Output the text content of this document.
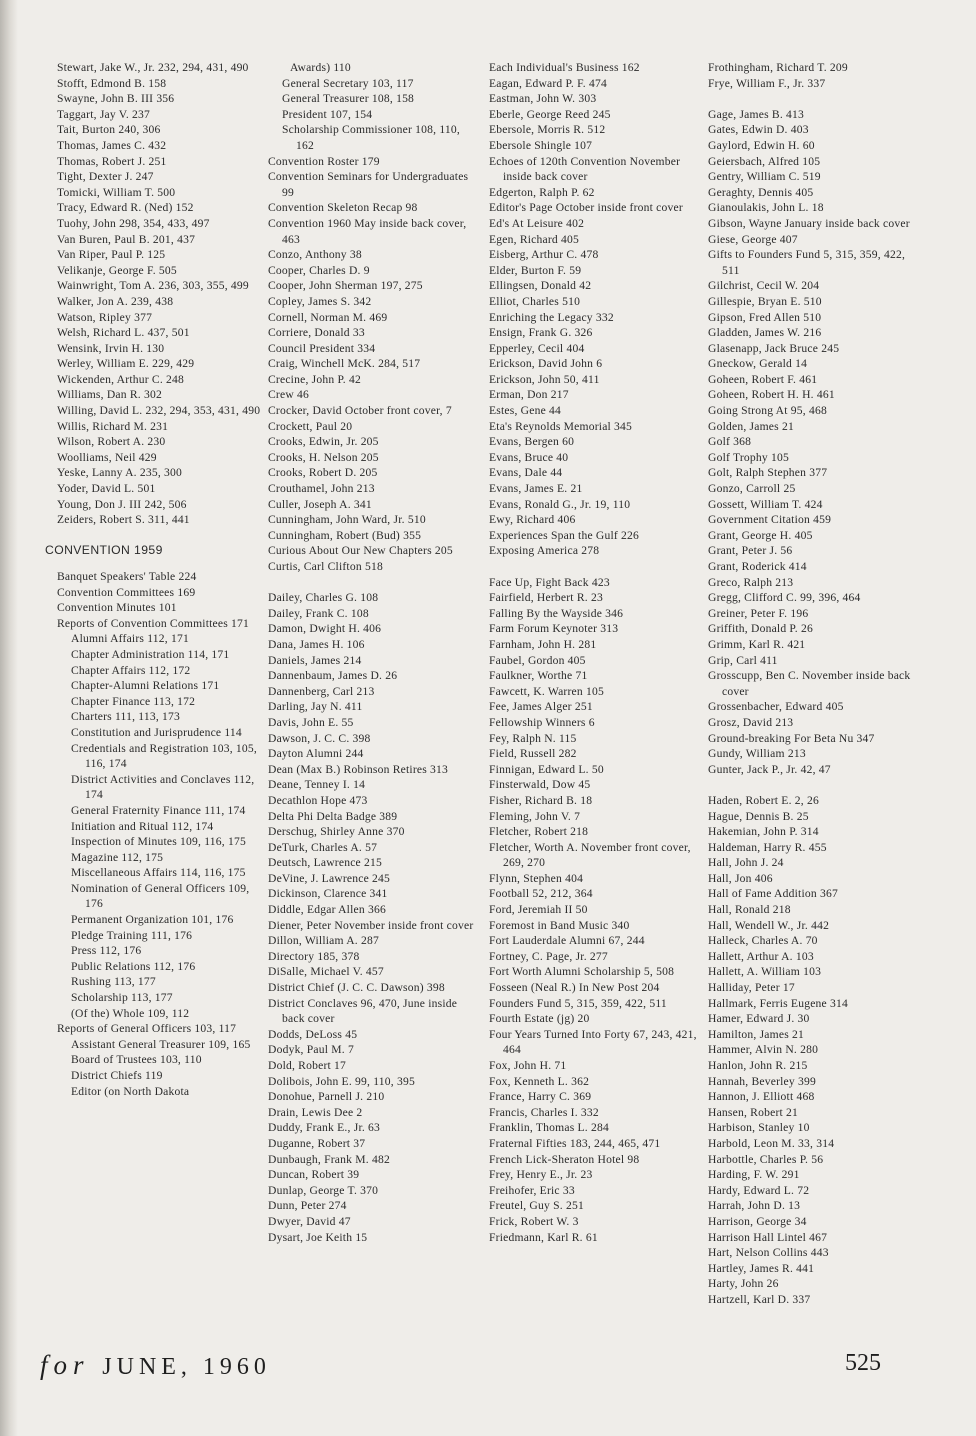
Stewart, Jake W., Jr. 232, 294, 431, 490
Stofft, Edmond B. 158
Swayne, John B. III 356
Taggart, Jay V. 237
Tait, Burton 240, 306
Thomas, James C. 432
Thomas, Robert J. 251
Tight, Dexter J. 247
Tomicki, William T. 500
Tracy, Edward R. (Ned) 152
Tuohy, John 298, 354, 433, 497
Van Buren, Paul B. 201, 437
Van Riper, Paul P. 125
Velikanje, George F. 505
Wainwright, Tom A. 236, 303, 355, 499
Walker, Jon A. 239, 438
Watson, Ripley 377
Welsh, Richard L. 437, 501
Wensink, Irvin H. 130
Werley, William E. 229, 429
Wickenden, Arthur C. 248
Williams, Dan R. 302
Willing, David L. 232, 294, 353, 431, 490
Willis, Richard M. 231
Wilson, Robert A. 230
Woolliams, Neil 429
Yeske, Lanny A. 235, 300
Yoder, David L. 501
Young, Don J. III 242, 506
Zeiders, Robert S. 311, 441
CONVENTION 1959
Banquet Speakers' Table 224
Convention Committees 169
Convention Minutes 101
Reports of Convention Committees 171
Alumni Affairs 112, 171
Chapter Administration 114, 171
Chapter Affairs 112, 172
Chapter-Alumni Relations 171
Chapter Finance 113, 172
Charters 111, 113, 173
Constitution and Jurisprudence 114
Credentials and Registration 103, 105, 116, 174
District Activities and Conclaves 112, 174
General Fraternity Finance 111, 174
Initiation and Ritual 112, 174
Inspection of Minutes 109, 116, 175
Magazine 112, 175
Miscellaneous Affairs 114, 116, 175
Nomination of General Officers 109, 176
Permanent Organization 101, 176
Pledge Training 111, 176
Press 112, 176
Public Relations 112, 176
Rushing 113, 177
Scholarship 113, 177
(Of the) Whole 109, 112
Reports of General Officers 103, 117
Assistant General Treasurer 109, 165
Board of Trustees 103, 110
District Chiefs 119
Editor (on North Dakota
Awards) 110
General Secretary 103, 117
General Treasurer 108, 158
President 107, 154
Scholarship Commissioner 108, 110, 162
Convention Roster 179
Convention Seminars for Undergraduates 99
Convention Skeleton Recap 98
Convention 1960 May inside back cover, 463
Conzo, Anthony 38
Cooper, Charles D. 9
Cooper, John Sherman 197, 275
Copley, James S. 342
Cornell, Norman M. 469
Corriere, Donald 33
Council President 334
Craig, Winchell McK. 284, 517
Crecine, John P. 42
Crew 46
Crocker, David October front cover, 7
Crockett, Paul 20
Crooks, Edwin, Jr. 205
Crooks, H. Nelson 205
Crooks, Robert D. 205
Crouthamel, John 213
Culler, Joseph A. 341
Cunningham, John Ward, Jr. 510
Cunningham, Robert (Bud) 355
Curious About Our New Chapters 205
Curtis, Carl Clifton 518
Dailey, Charles G. 108
Dailey, Frank C. 108
Damon, Dwight H. 406
Dana, James H. 106
Daniels, James 214
Dannenbaum, James D. 26
Dannenberg, Carl 213
Darling, Jay N. 411
Davis, John E. 55
Dawson, J. C. C. 398
Dayton Alumni 244
Dean (Max B.) Robinson Retires 313
Deane, Tenney I. 14
Decathlon Hope 473
Delta Phi Delta Badge 389
Derschug, Shirley Anne 370
DeTurk, Charles A. 57
Deutsch, Lawrence 215
DeVine, J. Lawrence 245
Dickinson, Clarence 341
Diddle, Edgar Allen 366
Diener, Peter November inside front cover
Dillon, William A. 287
Directory 185, 378
DiSalle, Michael V. 457
District Chief (J. C. C. Dawson) 398
District Conclaves 96, 470, June inside back cover
Dodds, DeLoss 45
Dodyk, Paul M. 7
Dold, Robert 17
Dolibois, John E. 99, 110, 395
Donohue, Parnell J. 210
Drain, Lewis Dee 2
Duddy, Frank E., Jr. 63
Duganne, Robert 37
Dunbaugh, Frank M. 482
Duncan, Robert 39
Dunlap, George T. 370
Dunn, Peter 274
Dwyer, David 47
Dysart, Joe Keith 15
Each Individual's Business 162
Eagan, Edward P. F. 474
Eastman, John W. 303
Eberle, George Reed 245
Ebersole, Morris R. 512
Ebersole Shingle 107
Echoes of 120th Convention November inside back cover
Edgerton, Ralph P. 62
Editor's Page October inside front cover
Ed's At Leisure 402
Egen, Richard 405
Eisberg, Arthur C. 478
Elder, Burton F. 59
Ellingsen, Donald 42
Elliot, Charles 510
Enriching the Legacy 332
Ensign, Frank G. 326
Epperley, Cecil 404
Erickson, David John 6
Erickson, John 50, 411
Erman, Don 217
Estes, Gene 44
Eta's Reynolds Memorial 345
Evans, Bergen 60
Evans, Bruce 40
Evans, Dale 44
Evans, James E. 21
Evans, Ronald G., Jr. 19, 110
Ewy, Richard 406
Experiences Span the Gulf 226
Exposing America 278
Face Up, Fight Back 423
Fairfield, Herbert R. 23
Falling By the Wayside 346
Farm Forum Keynoter 313
Farnham, John H. 281
Faubel, Gordon 405
Faulkner, Worthe 71
Fawcett, K. Warren 105
Fee, James Alger 251
Fellowship Winners 6
Fey, Ralph N. 115
Field, Russell 282
Finnigan, Edward L. 50
Finsterwald, Dow 45
Fisher, Richard B. 18
Fleming, John V. 7
Fletcher, Robert 218
Fletcher, Worth A. November front cover, 269, 270
Flynn, Stephen 404
Football 52, 212, 364
Ford, Jeremiah II 50
Foremost in Band Music 340
Fort Lauderdale Alumni 67, 244
Fortney, C. Page, Jr. 277
Fort Worth Alumni Scholarship 5, 508
Fosseen (Neal R.) In New Post 204
Founders Fund 5, 315, 359, 422, 511
Fourth Estate (jg) 20
Four Years Turned Into Forty 67, 243, 421, 464
Fox, John H. 71
Fox, Kenneth L. 362
France, Harry C. 369
Francis, Charles I. 332
Franklin, Thomas L. 284
Fraternal Fifties 183, 244, 465, 471
French Lick-Sheraton Hotel 98
Frey, Henry E., Jr. 23
Freihofer, Eric 33
Freutel, Guy S. 251
Frick, Robert W. 3
Friedmann, Karl R. 61
Frothingham, Richard T. 209
Frye, William F., Jr. 337
Gage, James B. 413
Gates, Edwin D. 403
Gaylord, Edwin H. 60
Geiersbach, Alfred 105
Gentry, William C. 519
Geraghty, Dennis 405
Gianoulakis, John L. 18
Gibson, Wayne January inside back cover
Giese, George 407
Gifts to Founders Fund 5, 315, 359, 422, 511
Gilchrist, Cecil W. 204
Gillespie, Bryan E. 510
Gipson, Fred Allen 510
Gladden, James W. 216
Glasenapp, Jack Bruce 245
Gneckow, Gerald 14
Goheen, Robert F. 461
Goheen, Robert H. H. 461
Going Strong At 95, 468
Golden, James 21
Golf 368
Golf Trophy 105
Golt, Ralph Stephen 377
Gonzo, Carroll 25
Gossett, William T. 424
Government Citation 459
Grant, George H. 405
Grant, Peter J. 56
Grant, Roderick 414
Greco, Ralph 213
Gregg, Clifford C. 99, 396, 464
Greiner, Peter F. 196
Griffith, Donald P. 26
Grimm, Karl R. 421
Grip, Carl 411
Grosscupp, Ben C. November inside back cover
Grossenbacher, Edward 405
Grosz, David 213
Ground-breaking For Beta Nu 347
Gundy, William 213
Gunter, Jack P., Jr. 42, 47
Haden, Robert E. 2, 26
Hague, Dennis B. 25
Hakemian, John P. 314
Haldeman, Harry R. 455
Hall, John J. 24
Hall, Jon 406
Hall of Fame Addition 367
Hall, Ronald 218
Hall, Wendell W., Jr. 442
Halleck, Charles A. 70
Hallett, Arthur A. 103
Hallett, A. William 103
Halliday, Peter 17
Hallmark, Ferris Eugene 314
Hamer, Edward J. 30
Hamilton, James 21
Hammer, Alvin N. 280
Hanlon, John R. 215
Hannah, Beverley 399
Hannon, J. Elliott 468
Hansen, Robert 21
Harbison, Stanley 10
Harbold, Leon M. 33, 314
Harbottle, Charles P. 56
Harding, F. W. 291
Hardy, Edward L. 72
Harrah, John D. 13
Harrison, George 34
Harrison Hall Lintel 467
Hart, Nelson Collins 443
Hartley, James R. 441
Harty, John 26
Hartzell, Karl D. 337
for JUNE, 1960	525
